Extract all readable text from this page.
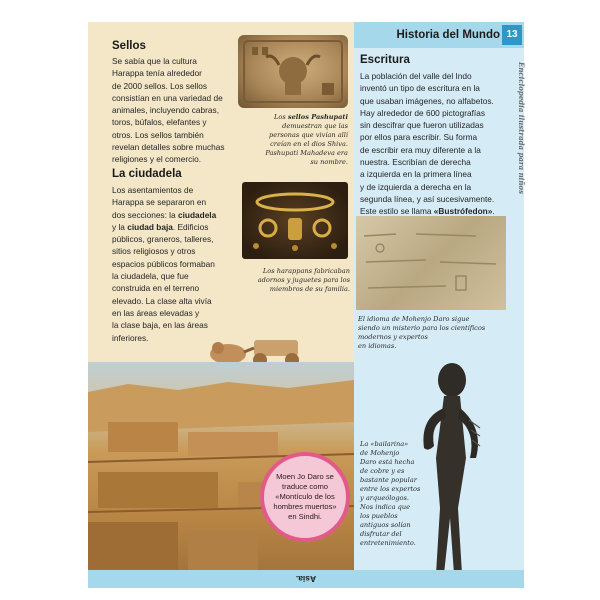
Historia del Mundo 13
Enciclopedia ilustrada para niños
Sellos
Se sabía que la cultura
Harappa tenía alrededor
de 2000 sellos. Los sellos
consistían en una variedad de
animales, incluyendo cabras,
toros, búfalos, elefantes y
otros. Los sellos también
revelan detalles sobre muchas
religiones y el comercio.
Los sellos Pashupati
demuestran que las
personas que vivían allí
creían en el dios Shiva.
Pashupati Mahadeva era
su nombre.
La ciudadela
Los asentamientos de
Harappa se separaron en
dos secciones: la ciudadela
y la ciudad baja. Edificios
públicos, graneros, talleres,
sitios religiosos y otros
espacios públicos formaban
la ciudadela, que fue
construida en el terreno
elevado. La clase alta vivía
en las áreas elevadas y
la clase baja, en las áreas
inferiores.
Los harappans fabricaban
adornos y juguetes para los
miembros de su familia.
Moen Jo Daro se traduce como «Montículo de los hombres muertos» en Sindhi.
Escritura
La población del valle del Indo
inventó un tipo de escritura en la
que usaban imágenes, no alfabetos.
Hay alrededor de 600 pictografías
sin descifrar que fueron utilizadas
por ellos para escribir. Su forma
de escribir era muy diferente a la
nuestra. Escribían de derecha
a izquierda en la primera línea
y de izquierda a derecha en la
segunda línea, y así sucesivamente.
Este estilo se llama «Bustrófedon».
El idioma de Mohenjo Daro sigue
siendo un misterio para los científicos
modernos y expertos
en idiomas.
La «bailarina»
de Mohenjo
Daro está hecha
de cobre y es
bastante popular
entre los expertos
y arqueólogos.
Nos indica que
los pueblos
antiguos solían
disfrutar del
entretenimiento.
Asia.
